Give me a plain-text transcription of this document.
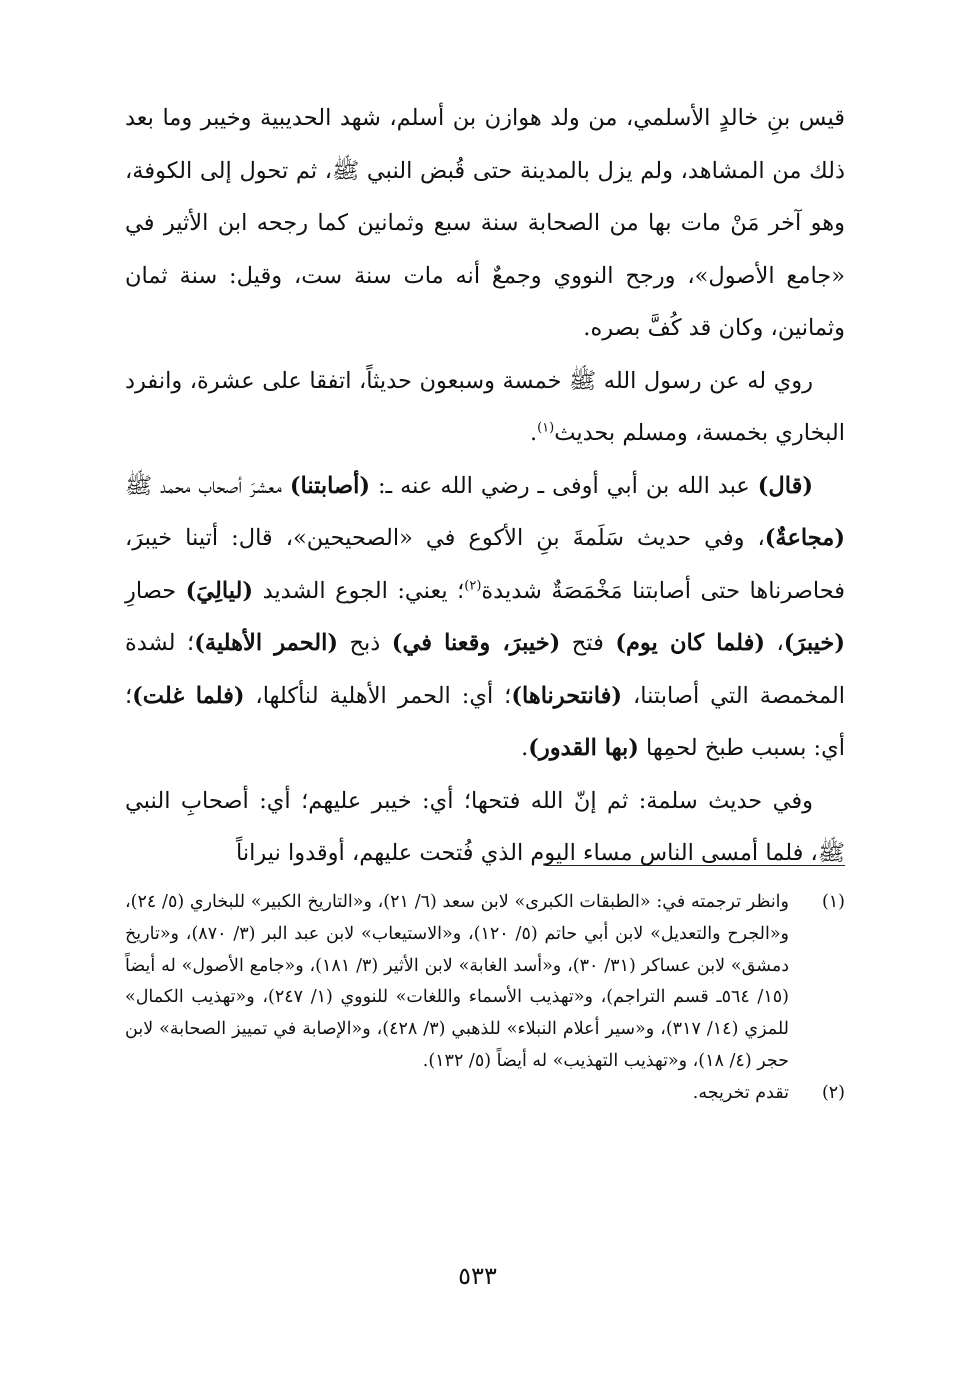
قيس بنِ خالدٍ الأسلمي، من ولد هوازن بن أسلم، شهد الحديبية وخيبر وما بعد ذلك من المشاهد، ولم يزل بالمدينة حتى قُبض النبي ﷺ، ثم تحول إلى الكوفة، وهو آخر مَنْ مات بها من الصحابة سنة سبع وثمانين كما رجحه ابن الأثير في «جامع الأصول»، ورجح النووي وجمعٌ أنه مات سنة ست، وقيل: سنة ثمان وثمانين، وكان قد كُفَّ بصره.

روي له عن رسول الله ﷺ خمسة وسبعون حديثاً، اتفقا على عشرة، وانفرد البخاري بخمسة، ومسلم بحديث$^{(١)}$.

(قال) عبد الله بن أبي أوفى ـ رضي الله عنه ـ: (أصابتنا) معشرَ أصحاب محمد ﷺ (مجاعةٌ)، وفي حديث سَلَمةَ بنِ الأكوع في «الصحيحين»، قال: أتينا خيبرَ، فحاصرناها حتى أصابتنا مَخْمَصَةٌ شديدة$^{(٢)}$؛ يعني: الجوع الشديد (ليالِيَ) حصارِ (خيبرَ)، (فلما كان يوم) فتح (خيبرَ، وقعنا في) ذبح (الحمر الأهلية)؛ لشدة المخمصة التي أصابتنا، (فانتحرناها)؛ أي: الحمر الأهلية لنأكلها، (فلما غلت)؛ أي: بسبب طبخ لحمِها (بها القدور).

وفي حديث سلمة: ثم إنّ الله فتحها؛ أي: خيبر عليهم؛ أي: أصحابِ النبي ﷺ، فلما أمسى الناس مساء اليوم الذي فُتحت عليهم، أوقدوا نيراناً

(١)
وانظر ترجمته في: «الطبقات الكبرى» لابن سعد (٦/ ٢١)، و«التاريخ الكبير» للبخاري (٥/ ٢٤)، و«الجرح والتعديل» لابن أبي حاتم (٥/ ١٢٠)، و«الاستيعاب» لابن عبد البر (٣/ ٨٧٠)، و«تاريخ دمشق» لابن عساكر (٣١/ ٣٠)، و«أسد الغابة» لابن الأثير (٣/ ١٨١)، و«جامع الأصول» له أيضاً (١٥/ ٥٦٤ـ قسم التراجم)، و«تهذيب الأسماء واللغات» للنووي (١/ ٢٤٧)، و«تهذيب الكمال» للمزي (١٤/ ٣١٧)، و«سير أعلام النبلاء» للذهبي (٣/ ٤٢٨)، و«الإصابة في تمييز الصحابة» لابن حجر (٤/ ١٨)، و«تهذيب التهذيب» له أيضاً (٥/ ١٣٢).
(٢)
تقدم تخريجه.
٥٣٣
